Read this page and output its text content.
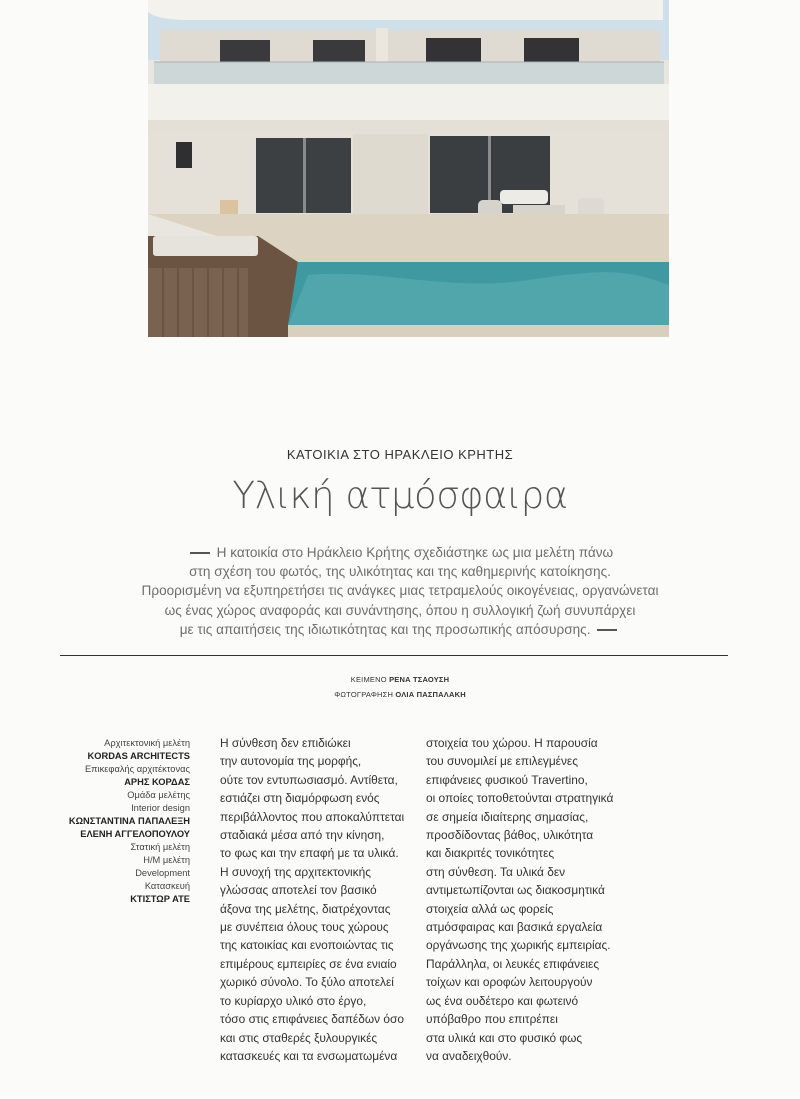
ΚΑΤΟΙΚΙΑ ΣΤΟ ΗΡΑΚΛΕΙΟ ΚΡΗΤΗΣ
Υλική ατμόσφαιρα
Η κατοικία στο Ηράκλειο Κρήτης σχεδιάστηκε ως μια μελέτη πάνω
στη σχέση του φωτός, της υλικότητας και της καθημερινής κατοίκησης.
Προορισμένη να εξυπηρετήσει τις ανάγκες μιας τετραμελούς οικογένειας, οργανώνεται
ως ένας χώρος αναφοράς και συνάντησης, όπου η συλλογική ζωή συνυπάρχει
με τις απαιτήσεις της ιδιωτικότητας και της προσωπικής απόσυρσης.
ΚΕΙΜΕΝΟ ΡΕΝΑ ΤΣΑΟΥΣΗ
ΦΩΤΟΓΡΑΦΗΣΗ ΟΛΙΑ ΠΑΣΠΑΛΑΚΗ
Αρχιτεκτονική μελέτη
KORDAS ARCHITECTS
Επικεφαλής αρχιτέκτονας
ΑΡΗΣ ΚΟΡΔΑΣ
Ομάδα μελέτης
Interior design
ΚΩΝΣΤΑΝΤΙΝΑ ΠΑΠΑΛΕΞΗ
ΕΛΕΝΗ ΑΓΓΕΛΟΠΟΥΛΟΥ
Στατική μελέτη
Η/Μ μελέτη
Development
Κατασκευή
ΚΤΙΣΤΩΡ ΑΤΕ
Η σύνθεση δεν επιδιώκει
την αυτονομία της μορφής,
ούτε τον εντυπωσιασμό. Αντίθετα,
εστιάζει στη διαμόρφωση ενός
περιβάλλοντος που αποκαλύπτεται
σταδιακά μέσα από την κίνηση,
το φως και την επαφή με τα υλικά.
Η συνοχή της αρχιτεκτονικής
γλώσσας αποτελεί τον βασικό
άξονα της μελέτης, διατρέχοντας
με συνέπεια όλους τους χώρους
της κατοικίας και ενοποιώντας τις
επιμέρους εμπειρίες σε ένα ενιαίο
χωρικό σύνολο. Το ξύλο αποτελεί
το κυρίαρχο υλικό στο έργο,
τόσο στις επιφάνειες δαπέδων όσο
και στις σταθερές ξυλουργικές
κατασκευές και τα ενσωματωμένα
στοιχεία του χώρου. Η παρουσία
του συνομιλεί με επιλεγμένες
επιφάνειες φυσικού Travertino,
οι οποίες τοποθετούνται στρατηγικά
σε σημεία ιδιαίτερης σημασίας,
προσδίδοντας βάθος, υλικότητα
και διακριτές τονικότητες
στη σύνθεση. Τα υλικά δεν
αντιμετωπίζονται ως διακοσμητικά
στοιχεία αλλά ως φορείς
ατμόσφαιρας και βασικά εργαλεία
οργάνωσης της χωρικής εμπειρίας.
Παράλληλα, οι λευκές επιφάνειες
τοίχων και οροφών λειτουργούν
ως ένα ουδέτερο και φωτεινό
υπόβαθρο που επιτρέπει
στα υλικά και στο φυσικό φως
να αναδειχθούν.
